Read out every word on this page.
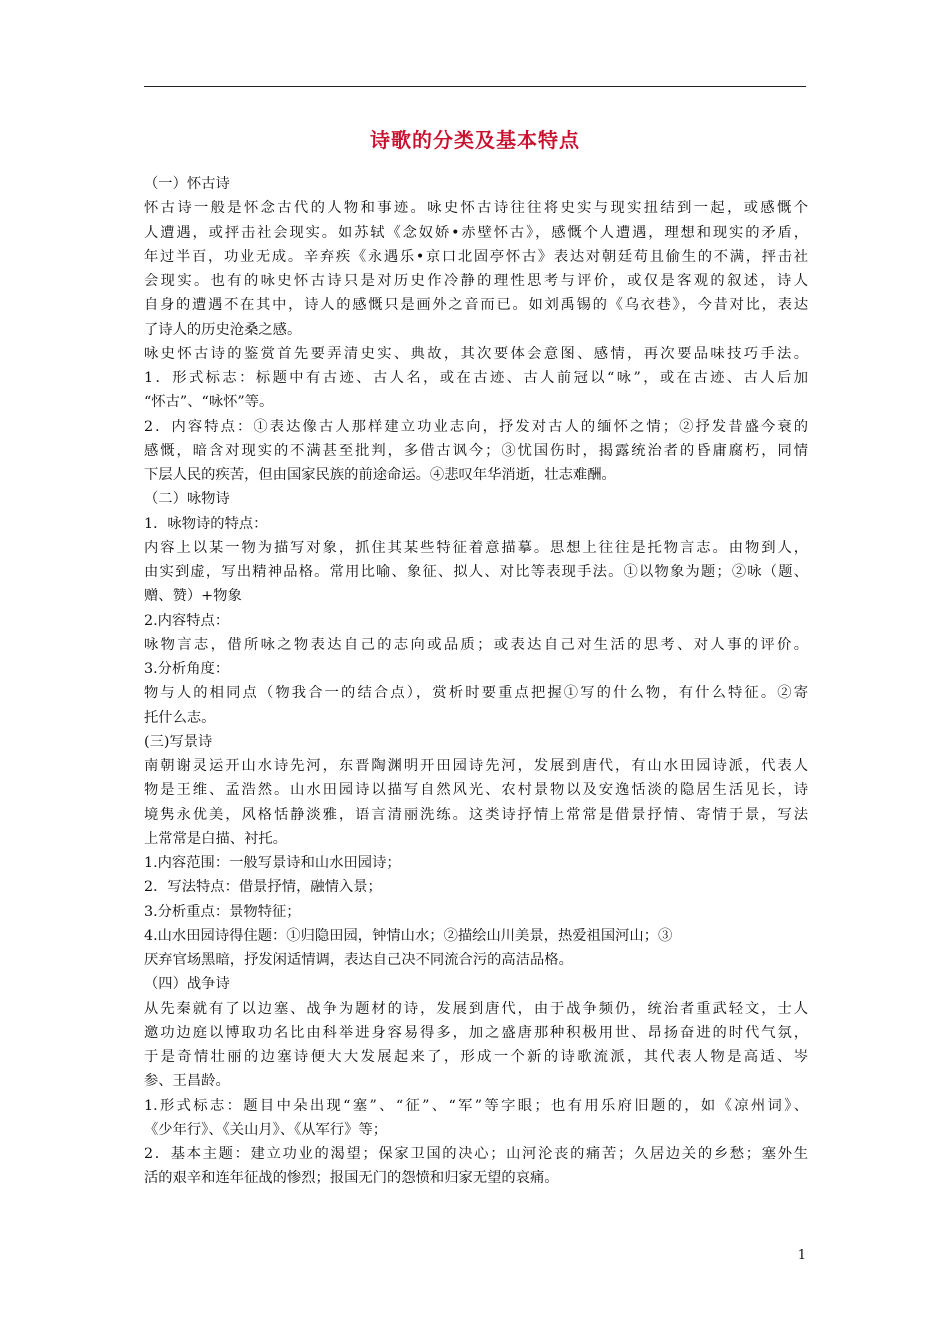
诗歌的分类及基本特点
（一）怀古诗
怀古诗一般是怀念古代的人物和事迹。咏史怀古诗往往将史实与现实扭结到一起，或感慨个
人遭遇，或抨击社会现实。如苏轼《念奴娇•赤壁怀古》，感慨个人遭遇，理想和现实的矛盾，
年过半百，功业无成。辛弃疾《永遇乐•京口北固亭怀古》表达对朝廷苟且偷生的不满，抨击社
会现实。也有的咏史怀古诗只是对历史作冷静的理性思考与评价，或仅是客观的叙述，诗人
自身的遭遇不在其中，诗人的感慨只是画外之音而已。如刘禹锡的《乌衣巷》，今昔对比，表达
了诗人的历史沧桑之感。
咏史怀古诗的鉴赏首先要弄清史实、典故，其次要体会意图、感情，再次要品味技巧手法。
1．形式标志：标题中有古迹、古人名，或在古迹、古人前冠以“咏”，或在古迹、古人后加
“怀古”、“咏怀”等。
2．内容特点：①表达像古人那样建立功业志向，抒发对古人的缅怀之情；②抒发昔盛今衰的
感慨，暗含对现实的不满甚至批判，多借古讽今；③忧国伤时，揭露统治者的昏庸腐朽，同情
下层人民的疾苦，但由国家民族的前途命运。④悲叹年华消逝，壮志难酬。
（二）咏物诗
1．咏物诗的特点：
内容上以某一物为描写对象，抓住其某些特征着意描摹。思想上往往是托物言志。由物到人，
由实到虚，写出精神品格。常用比喻、象征、拟人、对比等表现手法。①以物象为题；②咏（题、
赠、赞）+物象
2.内容特点：
咏物言志，借所咏之物表达自己的志向或品质；或表达自己对生活的思考、对人事的评价。
3.分析角度：
物与人的相同点（物我合一的结合点），赏析时要重点把握①写的什么物，有什么特征。②寄
托什么志。
(三)写景诗
南朝谢灵运开山水诗先河，东晋陶渊明开田园诗先河，发展到唐代，有山水田园诗派，代表人
物是王维、孟浩然。山水田园诗以描写自然风光、农村景物以及安逸恬淡的隐居生活见长，诗
境隽永优美，风格恬静淡雅，语言清丽洗练。这类诗抒情上常常是借景抒情、寄情于景，写法
上常常是白描、衬托。
1.内容范围：一般写景诗和山水田园诗；
2．写法特点：借景抒情，融情入景；
3.分析重点：景物特征；
4.山水田园诗得住题：①归隐田园，钟情山水；②描绘山川美景，热爱祖国河山；③
厌弃官场黑暗，抒发闲适情调，表达自己决不同流合污的高洁品格。
（四）战争诗
从先秦就有了以边塞、战争为题材的诗，发展到唐代，由于战争频仍，统治者重武轻文，士人
邀功边庭以博取功名比由科举进身容易得多，加之盛唐那种积极用世、昂扬奋进的时代气氛，
于是奇情壮丽的边塞诗便大大发展起来了，形成一个新的诗歌流派，其代表人物是高适、岑
参、王昌龄。
1.形式标志：题目中朵出现“塞”、“征”、“军”等字眼；也有用乐府旧题的，如《凉州词》、
《少年行》、《关山月》、《从军行》等；
2．基本主题：建立功业的渴望；保家卫国的决心；山河沦丧的痛苦；久居边关的乡愁；塞外生
活的艰辛和连年征战的惨烈；报国无门的怨愤和归家无望的哀痛。
1
